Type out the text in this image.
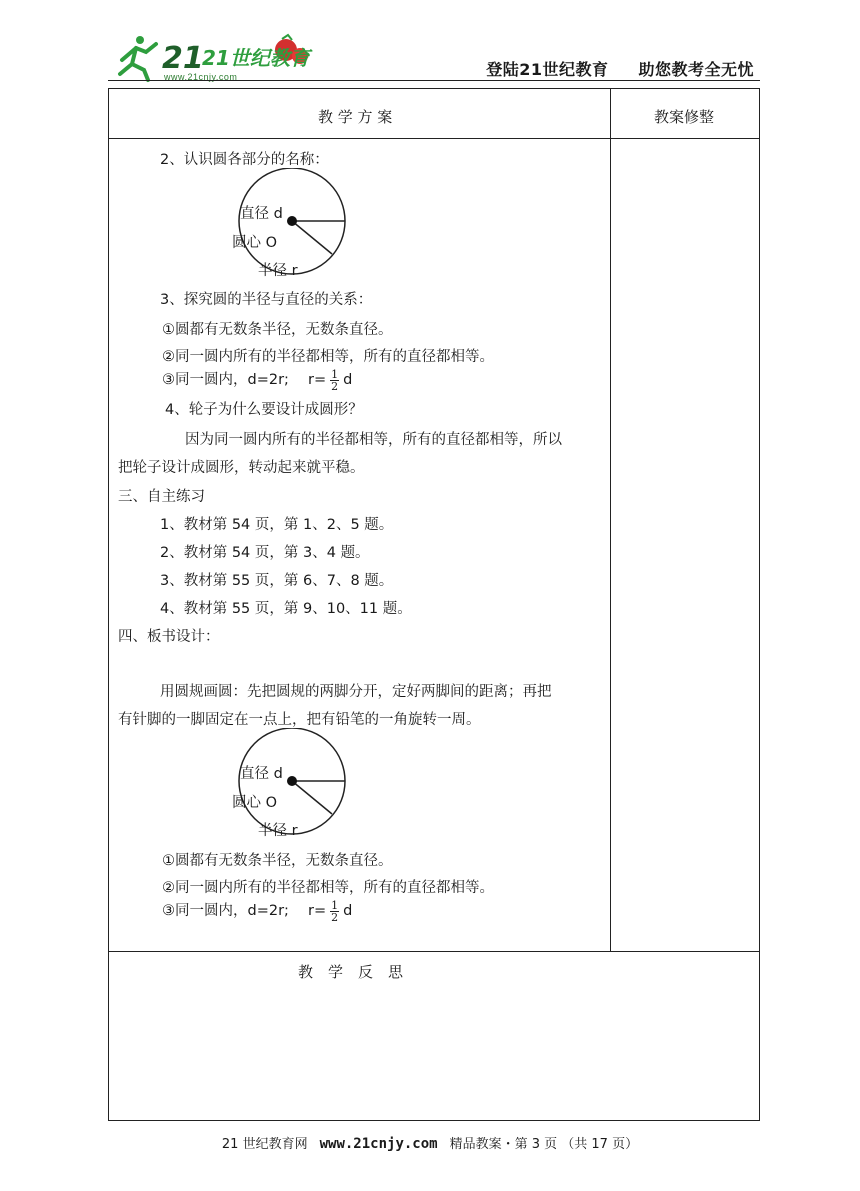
21
21世纪教育
www.21cnjy.com	登陆21世纪教育 助您教考全无忧
教 学 方 案	教案修整
2、认识圆各部分的名称：
直径 d
圆心 O
半径 r
3、探究圆的半径与直径的关系：
①圆都有无数条半径，无数条直径。
②同一圆内所有的半径都相等，所有的直径都相等。
③同一圆内，d=2r;　 $r= \frac{1}{2}$ d
4、轮子为什么要设计成圆形？
因为同一圆内所有的半径都相等，所有的直径都相等，所以
把轮子设计成圆形，转动起来就平稳。
三、自主练习
1、教材第 54 页，第 1、2、5 题。
2、教材第 54 页，第 3、4 题。
3、教材第 55 页，第 6、7、8 题。
4、教材第 55 页，第 9、10、11 题。
四、板书设计：
用圆规画圆：先把圆规的两脚分开，定好两脚间的距离；再把
有针脚的一脚固定在一点上，把有铅笔的一角旋转一周。
直径 d
圆心 O
半径 r
①圆都有无数条半径，无数条直径。
②同一圆内所有的半径都相等，所有的直径都相等。
③同一圆内，d=2r;　 $r= \frac{1}{2}$ d
教　学　反　思
21 世纪教育网 www.21cnjy.com 精品教案・第 3 页 （共 17 页）
